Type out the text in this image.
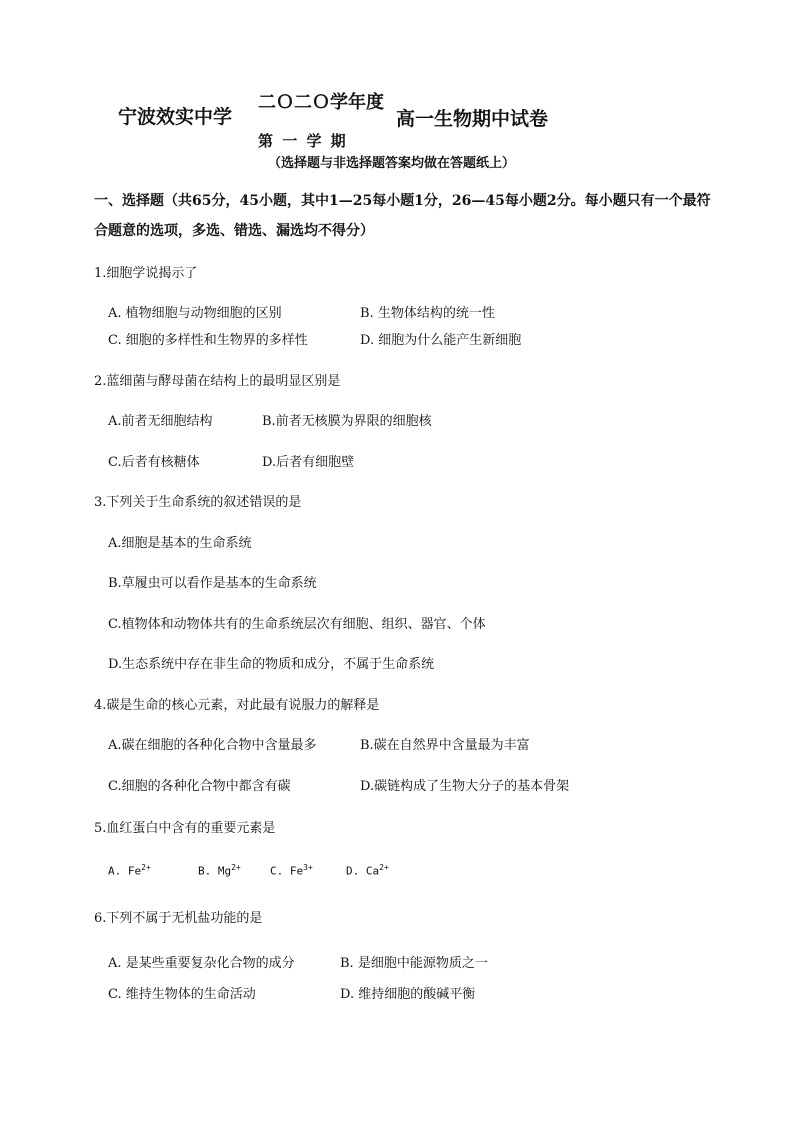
宁波效实中学
二Ｏ二Ｏ学年度
第 一 学 期
高一生物期中试卷
（选择题与非选择题答案均做在答题纸上）
一、选择题（共65分，45小题，其中1—25每小题1分，26—45每小题2分。每小题只有一个最符合题意的选项，多选、错选、漏选均不得分）
1.细胞学说揭示了
A. 植物细胞与动物细胞的区别	B. 生物体结构的统一性
C. 细胞的多样性和生物界的多样性	D. 细胞为什么能产生新细胞
2.蓝细菌与酵母菌在结构上的最明显区别是
A.前者无细胞结构	B.前者无核膜为界限的细胞核
C.后者有核糖体	D.后者有细胞壁
3.下列关于生命系统的叙述错误的是
A.细胞是基本的生命系统
B.草履虫可以看作是基本的生命系统
C.植物体和动物体共有的生命系统层次有细胞、组织、器官、个体
D.生态系统中存在非生命的物质和成分，不属于生命系统
4.碳是生命的核心元素，对此最有说服力的解释是
A.碳在细胞的各种化合物中含量最多	B.碳在自然界中含量最为丰富
C.细胞的各种化合物中都含有碳	D.碳链构成了生物大分子的基本骨架
5.血红蛋白中含有的重要元素是
A. $Fe^{2+}$	B. $Mg^{2+}$	C. $Fe^{3+}$	D. $Ca^{2+}$
6.下列不属于无机盐功能的是
A. 是某些重要复杂化合物的成分	B. 是细胞中能源物质之一
C. 维持生物体的生命活动	D. 维持细胞的酸碱平衡
